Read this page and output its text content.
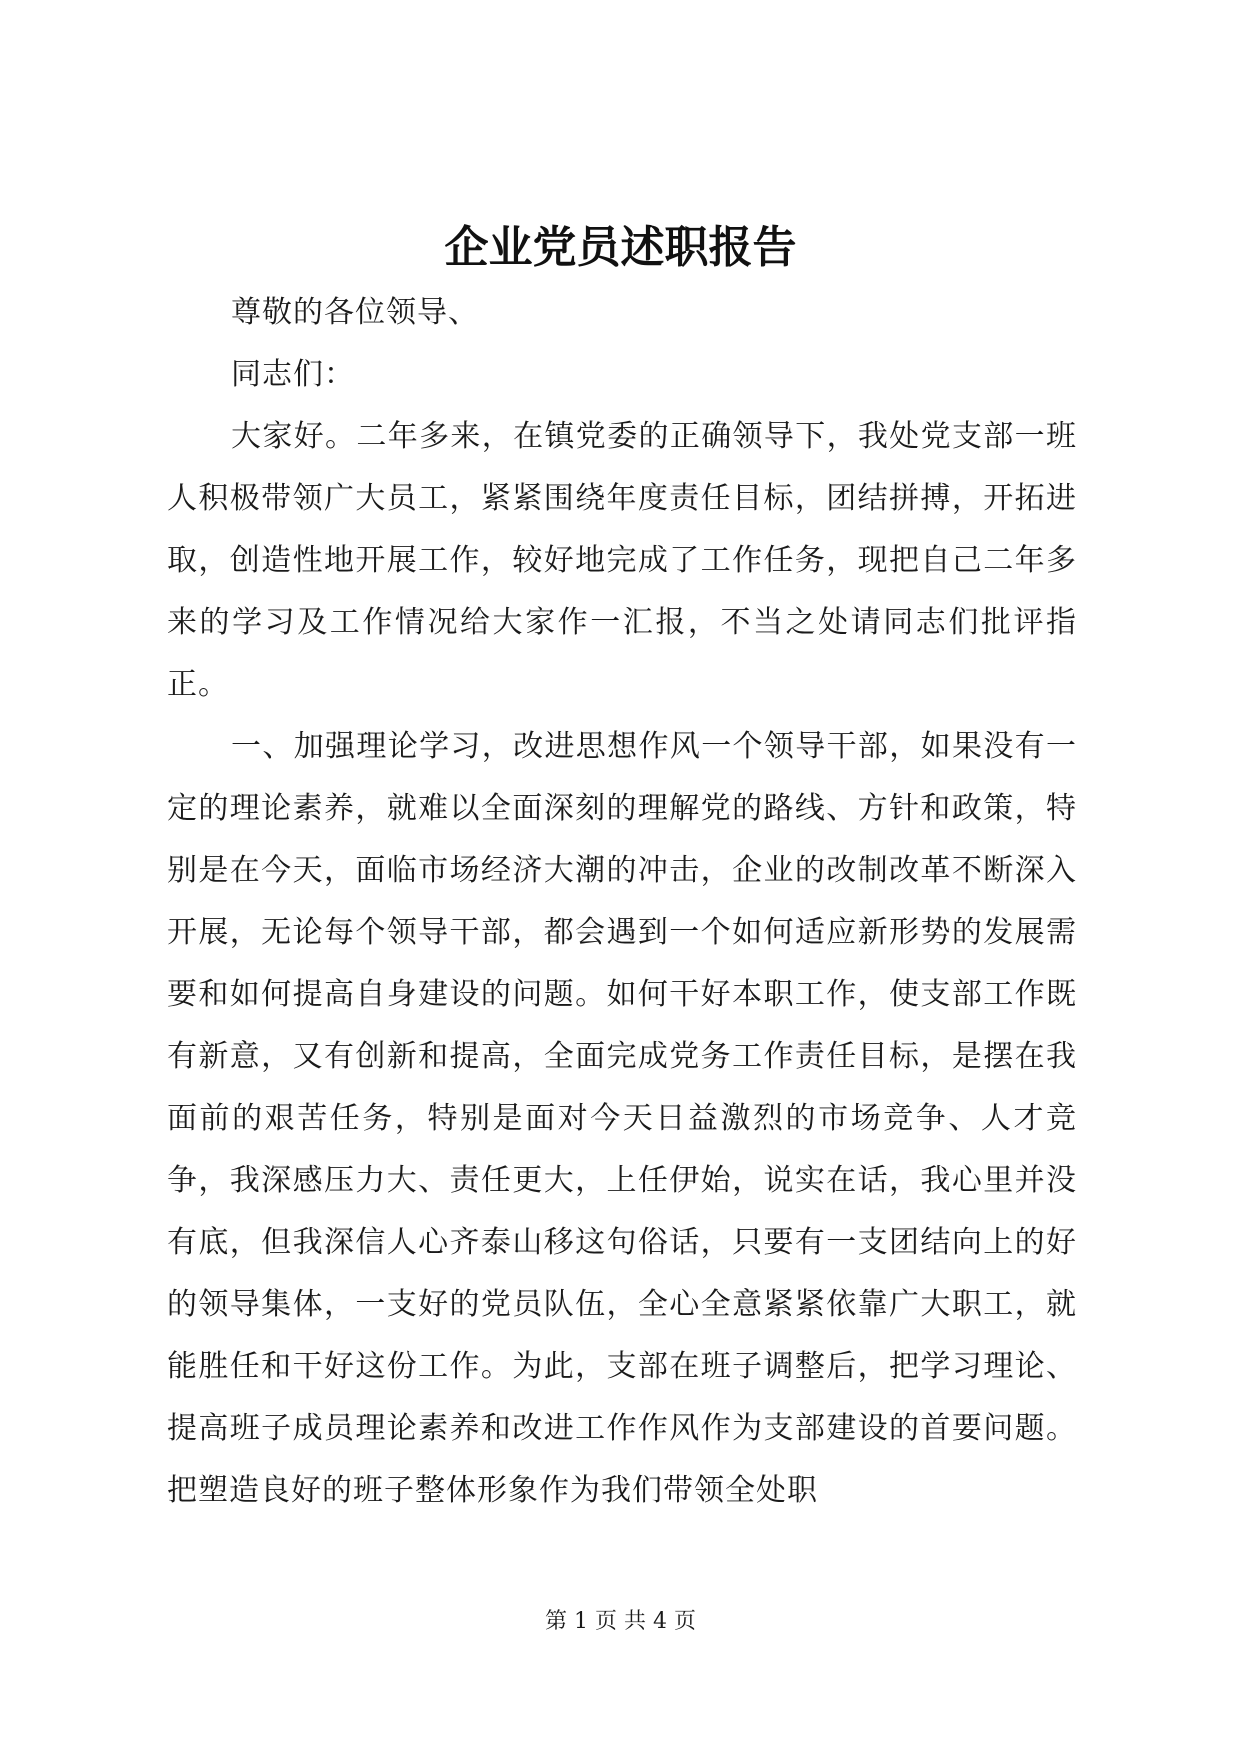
企业党员述职报告

尊敬的各位领导、

同志们：

大家好。二年多来，在镇党委的正确领导下，我处党支部一班人积极带领广大员工，紧紧围绕年度责任目标，团结拼搏，开拓进取，创造性地开展工作，较好地完成了工作任务，现把自己二年多来的学习及工作情况给大家作一汇报，不当之处请同志们批评指正。

一、加强理论学习，改进思想作风一个领导干部，如果没有一定的理论素养，就难以全面深刻的理解党的路线、方针和政策，特别是在今天，面临市场经济大潮的冲击，企业的改制改革不断深入开展，无论每个领导干部，都会遇到一个如何适应新形势的发展需要和如何提高自身建设的问题。如何干好本职工作，使支部工作既有新意，又有创新和提高，全面完成党务工作责任目标，是摆在我面前的艰苦任务，特别是面对今天日益激烈的市场竞争、人才竞争，我深感压力大、责任更大，上任伊始，说实在话，我心里并没有底，但我深信人心齐泰山移这句俗话，只要有一支团结向上的好的领导集体，一支好的党员队伍，全心全意紧紧依靠广大职工，就能胜任和干好这份工作。为此，支部在班子调整后，把学习理论、提高班子成员理论素养和改进工作作风作为支部建设的首要问题。把塑造良好的班子整体形象作为我们带领全处职

第 1 页 共 4 页
